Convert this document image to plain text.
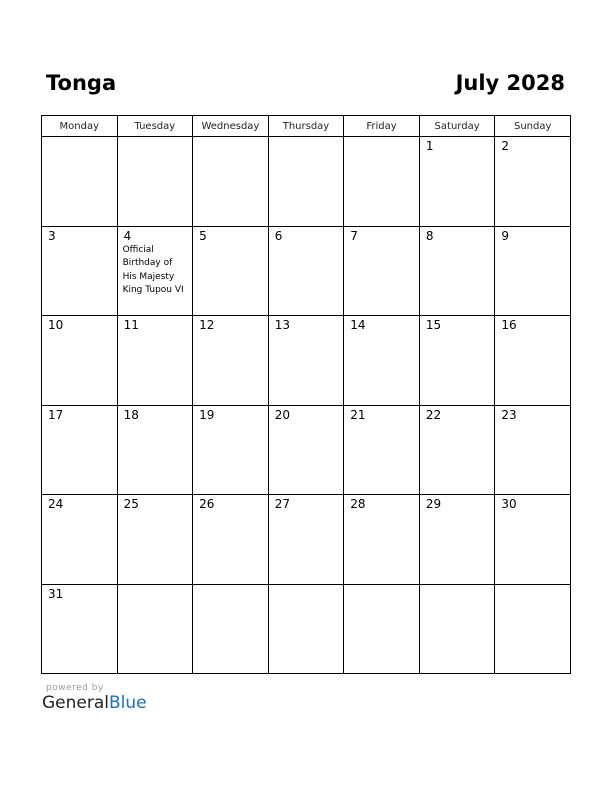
Tonga	July 2028
Monday	Tuesday	Wednesday	Thursday	Friday	Saturday	Sunday

					1	2

3	4
Official
Birthday of
His Majesty
King Tupou VI	5	6	7	8	9

10	11	12	13	14	15	16

17	18	19	20	21	22	23

24	25	26	27	28	29	30

31						

powered by
GeneralBlue
